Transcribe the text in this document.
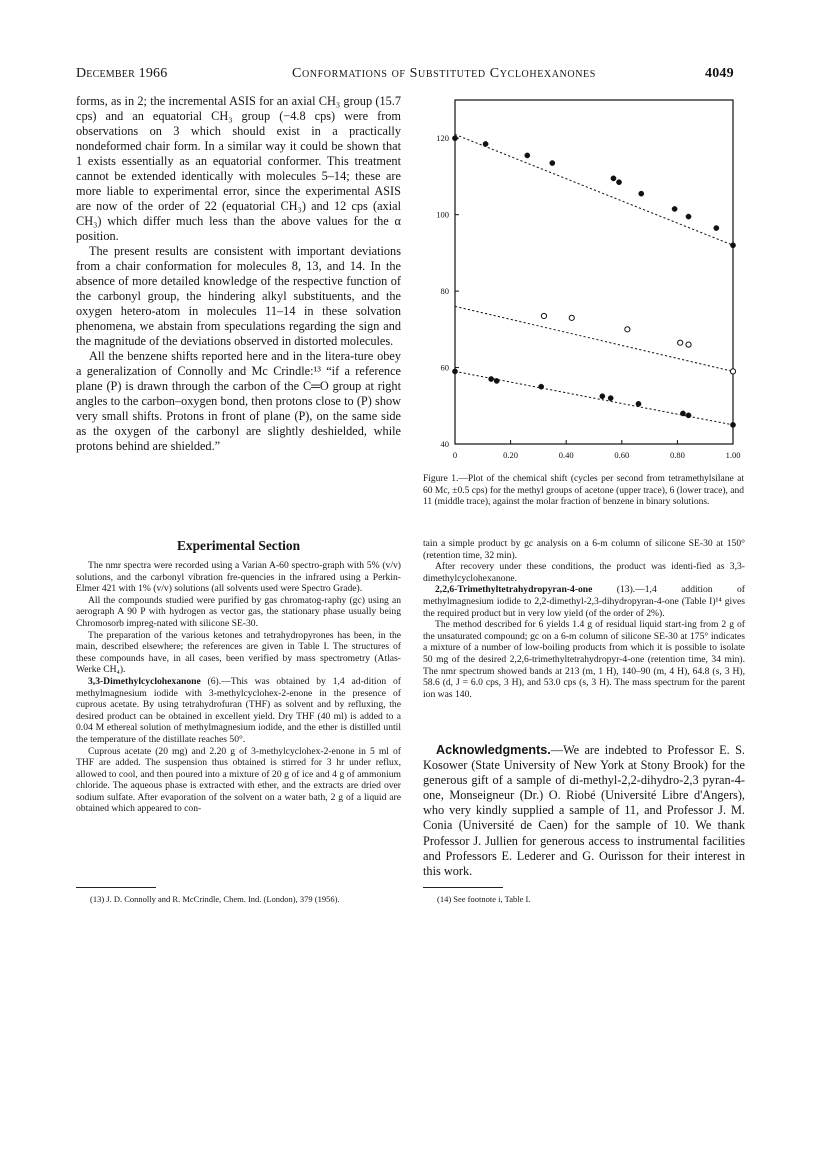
December 1966	Conformations of Substituted Cyclohexanones	4049

forms, as in 2; the incremental ASIS for an axial CH₃ group (15.7 cps) and an equatorial CH₃ group (−4.8 cps) were from observations on 3 which should exist in a practically nondeformed chair form. In a similar way it could be shown that 1 exists essentially as an equatorial conformer. This treatment cannot be extended identically with molecules 5–14; these are more liable to experimental error, since the experimental ASIS are now of the order of 22 (equatorial CH₃) and 12 cps (axial CH₃) which differ much less than the above values for the α position.

The present results are consistent with important deviations from a chair conformation for molecules 8, 13, and 14. In the absence of more detailed knowledge of the respective function of the carbonyl group, the hindering alkyl substituents, and the oxygen hetero-atom in molecules 11–14 in these solvation phenomena, we abstain from speculations regarding the sign and the magnitude of the deviations observed in distorted molecules.

All the benzene shifts reported here and in the litera-ture obey a generalization of Connolly and Mc Crindle:¹³ “if a reference plane (P) is drawn through the carbon of the C═O group at right angles to the carbon–oxygen bond, then protons close to (P) show very small shifts. Protons in front of plane (P), on the same side as the oxygen of the carbonyl are slightly deshielded, while protons behind are shielded.”

Experimental Section

The nmr spectra were recorded using a Varian A-60 spectro-graph with 5% (v/v) solutions, and the carbonyl vibration fre-quencies in the infrared using a Perkin-Elmer 421 with 1% (v/v) solutions (all solvents used were Spectro Grade).

All the compounds studied were purified by gas chromatog-raphy (gc) using an aerograph A 90 P with hydrogen as vector gas, the stationary phase usually being Chromosorb impreg-nated with silicone SE-30.

The preparation of the various ketones and tetrahydropyrones has been, in the main, described elsewhere; the references are given in Table I. The structures of these compounds have, in all cases, been verified by mass spectrometry (Atlas-Werke CH₄).

3,3-Dimethylcyclohexanone (6).—This was obtained by 1,4 ad-dition of methylmagnesium iodide with 3-methylcyclohex-2-enone in the presence of cuprous acetate. By using tetrahydrofuran (THF) as solvent and by refluxing, the desired product can be obtained in excellent yield. Dry THF (40 ml) is added to a 0.04 M ethereal solution of methylmagnesium iodide, and the ether is distilled until the temperature of the distillate reaches 50°.

Cuprous acetate (20 mg) and 2.20 g of 3-methylcyclohex-2-enone in 5 ml of THF are added. The suspension thus obtained is stirred for 3 hr under reflux, allowed to cool, and then poured into a mixture of 20 g of ice and 4 g of ammonium chloride. The aqueous phase is extracted with ether, and the extracts are dried over sodium sulfate. After evaporation of the solvent on a water bath, 2 g of a liquid are obtained which appeared to con-

(13) J. D. Connolly and R. McCrindle, Chem. Ind. (London), 379 (1956).
0	0.20	0.40	0.60	0.80	1.00
40
60
80
100
120
Figure 1.—Plot of the chemical shift (cycles per second from tetramethylsilane at 60 Mc, ±0.5 cps) for the methyl groups of acetone (upper trace), 6 (lower trace), and 11 (middle trace), against the molar fraction of benzene in binary solutions.

tain a simple product by gc analysis on a 6-m column of silicone SE-30 at 150° (retention time, 32 min).

After recovery under these conditions, the product was identi-fied as 3,3-dimethylcyclohexanone.

2,2,6-Trimethyltetrahydropyran-4-one (13).—1,4 addition of methylmagnesium iodide to 2,2-dimethyl-2,3-dihydropyran-4-one (Table I)¹⁴ gives the required product but in very low yield (of the order of 2%).

The method described for 6 yields 1.4 g of residual liquid start-ing from 2 g of the unsaturated compound; gc on a 6-m column of silicone SE-30 at 175° indicates a mixture of a number of low-boiling products from which it is possible to isolate 50 mg of the desired 2,2,6-trimethyltetrahydropyr-4-one (retention time, 34 min). The nmr spectrum showed bands at 213 (m, 1 H), 140–90 (m, 4 H), 64.8 (s, 3 H), 58.6 (d, J = 6.0 cps, 3 H), and 53.0 cps (s, 3 H). The mass spectrum for the parent ion was 140.

Acknowledgments.—We are indebted to Professor E. S. Kosower (State University of New York at Stony Brook) for the generous gift of a sample of di-methyl-2,2-dihydro-2,3 pyran-4-one, Monseigneur (Dr.) O. Riobé (Université Libre d'Angers), who very kindly supplied a sample of 11, and Professor J. M. Conia (Université de Caen) for the sample of 10. We thank Professor J. Jullien for generous access to instrumental facilities and Professors E. Lederer and G. Ourisson for their interest in this work.

(14) See footnote i, Table I.
